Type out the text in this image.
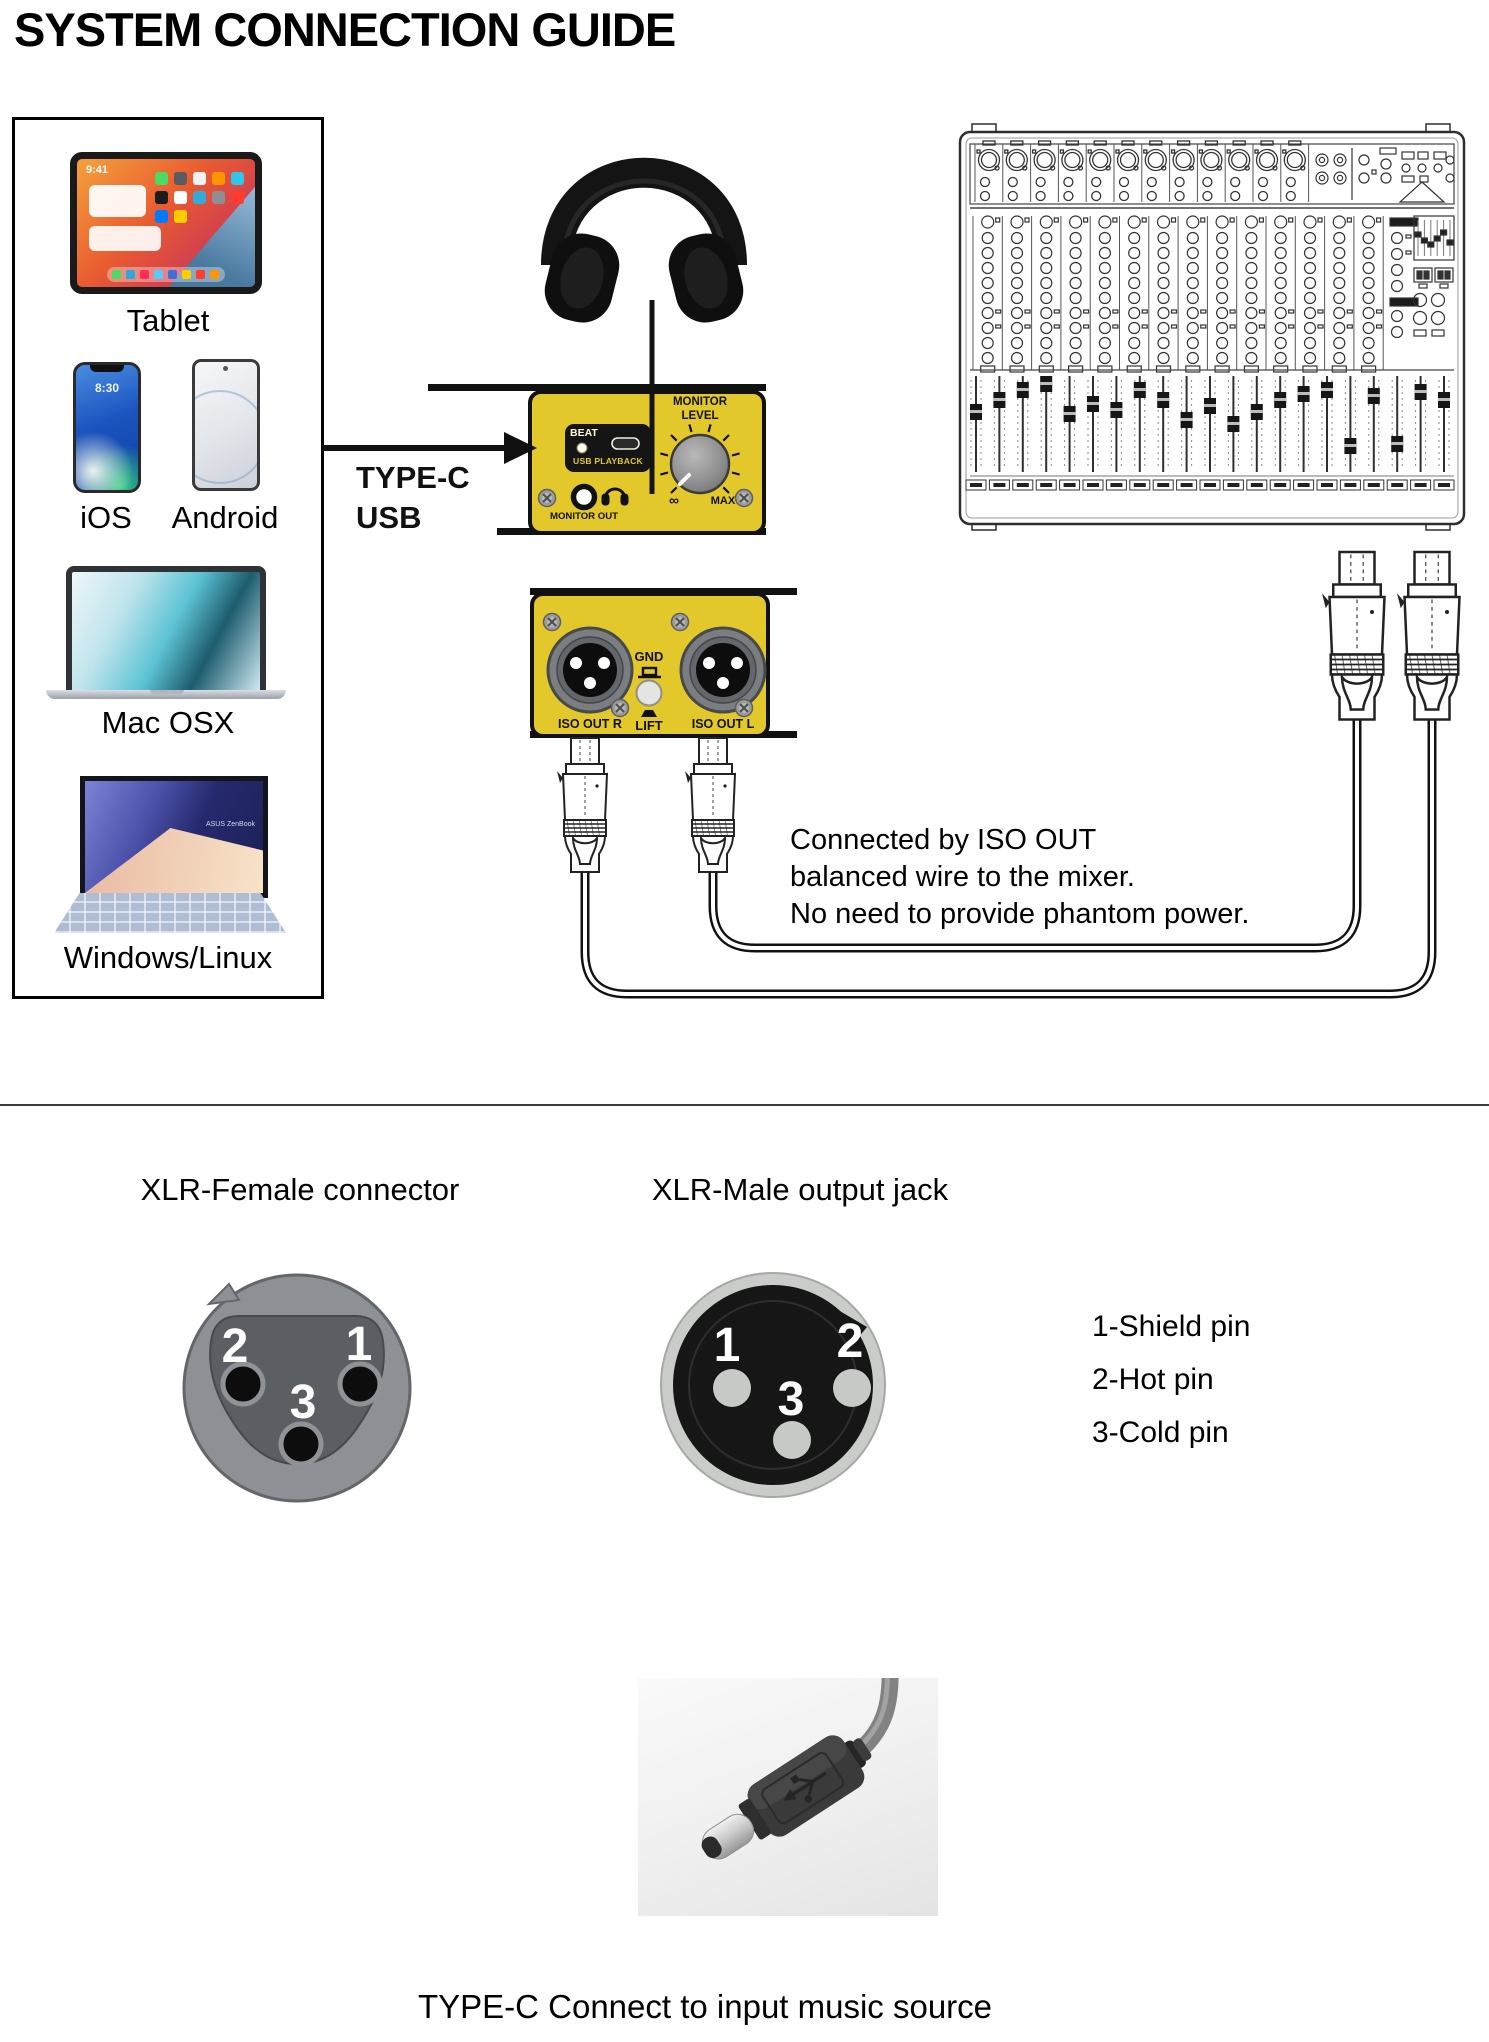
SYSTEM CONNECTION GUIDE
9:41
Tablet
8:30
iOS	Android
Mac OSX
ASUS ZenBook
Windows/Linux
BEAT
USB PLAYBACK
MONITOR
LEVEL
∞	MAX
MONITOR OUT
TYPE-C
USB
GND
LIFT
ISO OUT R	ISO OUT L
Connected by ISO OUT
balanced wire to the mixer.
No need to provide phantom power.
XLR-Female connector	XLR-Male output jack
2 1
3
1 2
3
1-Shield pin
2-Hot pin
3-Cold pin
TYPE-C Connect to input music source
